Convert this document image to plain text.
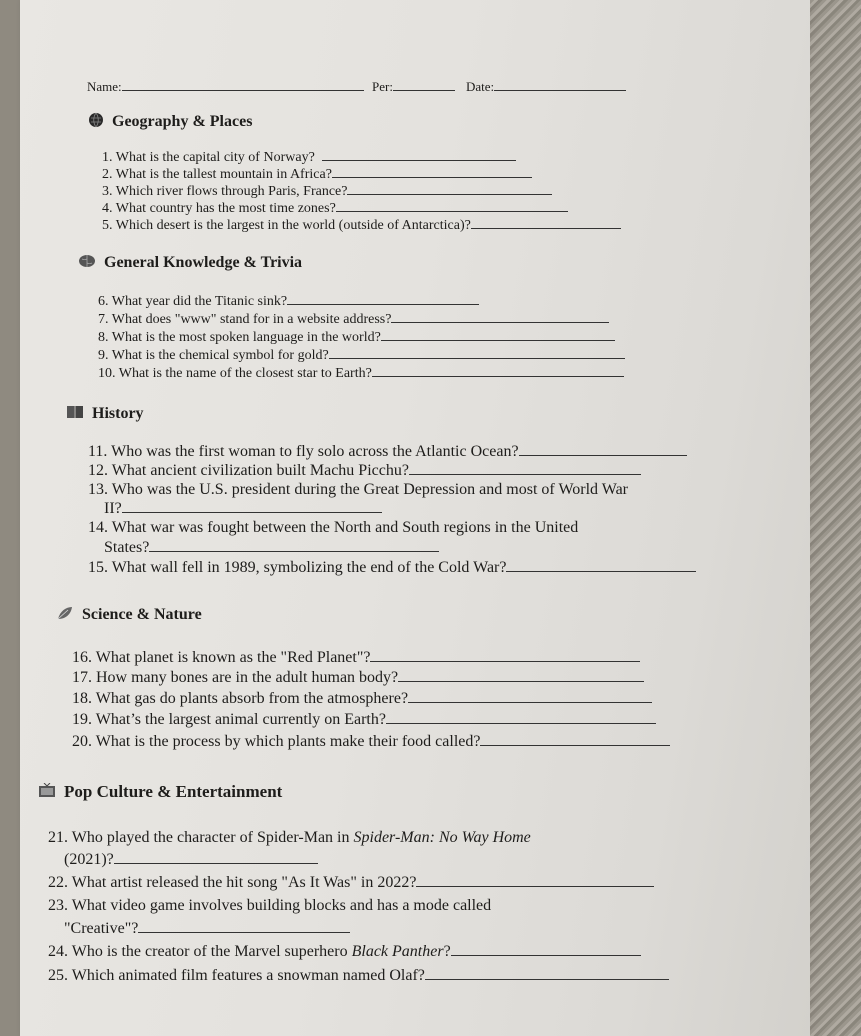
Name:	Per:	Date:
Geography & Places
1. What is the capital city of Norway?
2. What is the tallest mountain in Africa?
3. Which river flows through Paris, France?
4. What country has the most time zones?
5. Which desert is the largest in the world (outside of Antarctica)?
General Knowledge & Trivia
6. What year did the Titanic sink?
7. What does "www" stand for in a website address?
8. What is the most spoken language in the world?
9. What is the chemical symbol for gold?
10. What is the name of the closest star to Earth?
History
11. Who was the first woman to fly solo across the Atlantic Ocean?
12. What ancient civilization built Machu Picchu?
13. Who was the U.S. president during the Great Depression and most of World War
II?
14. What war was fought between the North and South regions in the United
States?
15. What wall fell in 1989, symbolizing the end of the Cold War?
Science & Nature
16. What planet is known as the "Red Planet"?
17. How many bones are in the adult human body?
18. What gas do plants absorb from the atmosphere?
19. What’s the largest animal currently on Earth?
20. What is the process by which plants make their food called?
Pop Culture & Entertainment
21. Who played the character of Spider-Man in Spider-Man: No Way Home
(2021)?
22. What artist released the hit song "As It Was" in 2022?
23. What video game involves building blocks and has a mode called
"Creative"?
24. Who is the creator of the Marvel superhero Black Panther?
25. Which animated film features a snowman named Olaf?
